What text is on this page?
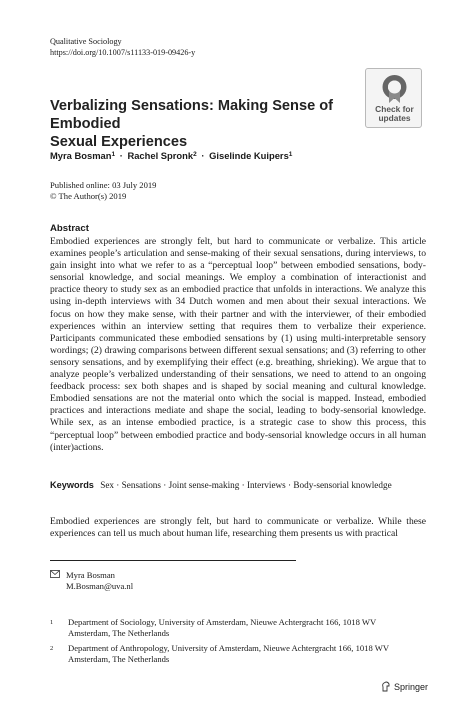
Qualitative Sociology
https://doi.org/10.1007/s11133-019-09426-y
Check for
updates
Verbalizing Sensations: Making Sense of Embodied
Sexual Experiences
Myra Bosman$^1$ · Rachel Spronk$^2$ · Giselinde Kuipers$^1$
Published online: 03 July 2019
© The Author(s) 2019
Abstract
Embodied experiences are strongly felt, but hard to communicate or verbalize. This article examines people’s articulation and sense-making of their sexual sensations, during interviews, to gain insight into what we refer to as a “perceptual loop” between embodied sensations, body-sensorial knowledge, and social meanings. We employ a combination of interactionist and practice theory to study sex as an embodied practice that unfolds in interactions. We analyze this using in-depth interviews with 34 Dutch women and men about their sexual interactions. We focus on how they make sense, with their partner and with the interviewer, of their embodied experiences within an interview setting that requires them to verbalize their experience. Participants communicated these embodied sensations by (1) using multi-interpretable sensory wordings; (2) drawing comparisons between different sexual sensations; and (3) referring to other sensory sensations, and by exemplifying their effect (e.g. breathing, shrieking). We argue that to analyze people’s verbalized understanding of their sensations, we need to attend to an ongoing feedback process: sex both shapes and is shaped by social meaning and cultural knowledge. Embodied sensations are not the material onto which the social is mapped. Instead, embodied practices and interactions mediate and shape the social, leading to body-sensorial knowledge. While sex, as an intense embodied practice, is a strategic case to show this process, this “perceptual loop” between embodied practice and body-sensorial knowledge occurs in all human (inter)actions.
Keywords Sex · Sensations · Joint sense-making · Interviews · Body-sensorial knowledge
Embodied experiences are strongly felt, but hard to communicate or verbalize. While these experiences can tell us much about human life, researching them presents us with practical
Myra Bosman
M.Bosman@uva.nl
1 Department of Sociology, University of Amsterdam, Nieuwe Achtergracht 166, 1018 WV Amsterdam, The Netherlands
2 Department of Anthropology, University of Amsterdam, Nieuwe Achtergracht 166, 1018 WV Amsterdam, The Netherlands
Springer
